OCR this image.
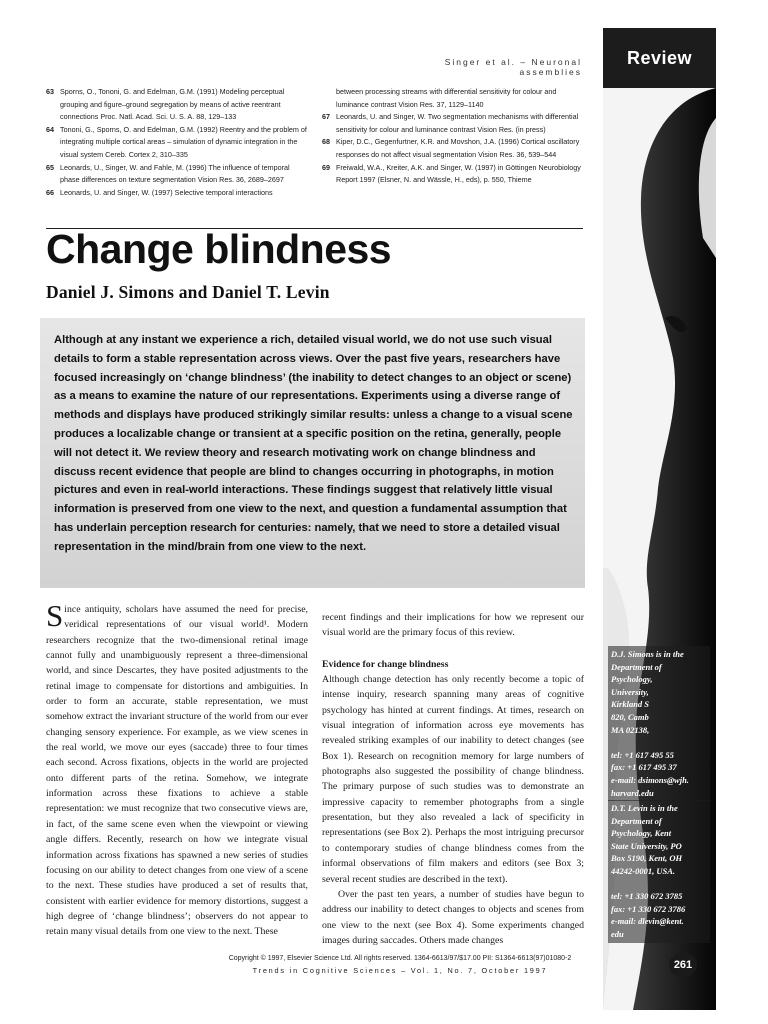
Review
D.J. Simons is in the
Department of
Psychology,
University,
Kirkland S
820, Camb
MA 02138,

tel: +1 617 495 55
fax: +1 617 495 37
e-mail: dsimons@wjh.
harvard.edu
D.T. Levin is in the
Department of
Psychology, Kent
State University, PO
Box 5190, Kent, OH
44242-0001, USA.

tel: +1 330 672 3785
fax: +1 330 672 3786
e-mail: dlevin@kent.
edu
Singer et al. – Neuronal assemblies
63 Sporns, O., Tononi, G. and Edelman, G.M. (1991) Modeling perceptual grouping and figure–ground segregation by means of active reentrant connections Proc. Natl. Acad. Sci. U. S. A. 88, 129–133
64 Tononi, G., Sporns, O. and Edelman, G.M. (1992) Reentry and the problem of integrating multiple cortical areas – simulation of dynamic integration in the visual system Cereb. Cortex 2, 310–335
65 Leonards, U., Singer, W. and Fahle, M. (1996) The influence of temporal phase differences on texture segmentation Vision Res. 36, 2689–2697
66 Leonards, U. and Singer, W. (1997) Selective temporal interactions
between processing streams with differential sensitivity for colour and luminance contrast Vision Res. 37, 1129–1140
67 Leonards, U. and Singer, W. Two segmentation mechanisms with differential sensitivity for colour and luminance contrast Vision Res. (in press)
68 Kiper, D.C., Gegenfurtner, K.R. and Movshon, J.A. (1996) Cortical oscillatory responses do not affect visual segmentation Vision Res. 36, 539–544
69 Freiwald, W.A., Kreiter, A.K. and Singer, W. (1997) in Göttingen Neurobiology Report 1997 (Elsner, N. and Wässle, H., eds), p. 550, Thieme
Change blindness
Daniel J. Simons and Daniel T. Levin

Although at any instant we experience a rich, detailed visual world, we do not use such visual details to form a stable representation across views. Over the past five years, researchers have focused increasingly on ‘change blindness’ (the inability to detect changes to an object or scene) as a means to examine the nature of our representations. Experiments using a diverse range of methods and displays have produced strikingly similar results: unless a change to a visual scene produces a localizable change or transient at a specific position on the retina, generally, people will not detect it. We review theory and research motivating work on change blindness and discuss recent evidence that people are blind to changes occurring in photographs, in motion pictures and even in real-world interactions. These findings suggest that relatively little visual information is preserved from one view to the next, and question a fundamental assumption that has underlain perception research for centuries: namely, that we need to store a detailed visual representation in the mind/brain from one view to the next.

Since antiquity, scholars have assumed the need for precise, veridical representations of our visual world¹. Modern researchers recognize that the two-dimensional retinal image cannot fully and unambiguously represent a three-dimensional world, and since Descartes, they have posited adjustments to the retinal image to compensate for distortions and ambiguities. In order to form an accurate, stable representation, we must somehow extract the invariant structure of the world from our ever changing sensory experience. For example, as we view scenes in the real world, we move our eyes (saccade) three to four times each second. Across fixations, objects in the world are projected onto different parts of the retina. Somehow, we integrate information across these fixations to achieve a stable representation: we must recognize that two consecutive views are, in fact, of the same scene even when the viewpoint or viewing angle differs. Recently, research on how we integrate visual information across fixations has spawned a new series of studies focusing on our ability to detect changes from one view of a scene to the next. These studies have produced a set of results that, consistent with earlier evidence for memory distortions, suggest a high degree of ‘change blindness’; observers do not appear to retain many visual details from one view to the next. These
recent findings and their implications for how we represent our visual world are the primary focus of this review.
Evidence for change blindness
Although change detection has only recently become a topic of intense inquiry, research spanning many areas of cognitive psychology has hinted at current findings. At times, research on visual integration of information across eye movements has revealed striking examples of our inability to detect changes (see Box 1). Research on recognition memory for large numbers of photographs also suggested the possibility of change blindness. The primary purpose of such studies was to demonstrate an impressive capacity to remember photographs from a single presentation, but they also revealed a lack of specificity in representations (see Box 2). Perhaps the most intriguing precursor to contemporary studies of change blindness comes from the informal observations of film makers and editors (see Box 3; several recent studies are described in the text).
Over the past ten years, a number of studies have begun to address our inability to detect changes to objects and scenes from one view to the next (see Box 4). Some experiments changed images during saccades. Others made changes
Copyright © 1997, Elsevier Science Ltd. All rights reserved. 1364-6613/97/$17.00 PII: S1364-6613(97)01080-2
Trends in Cognitive Sciences – Vol. 1, No. 7, October 1997	261
